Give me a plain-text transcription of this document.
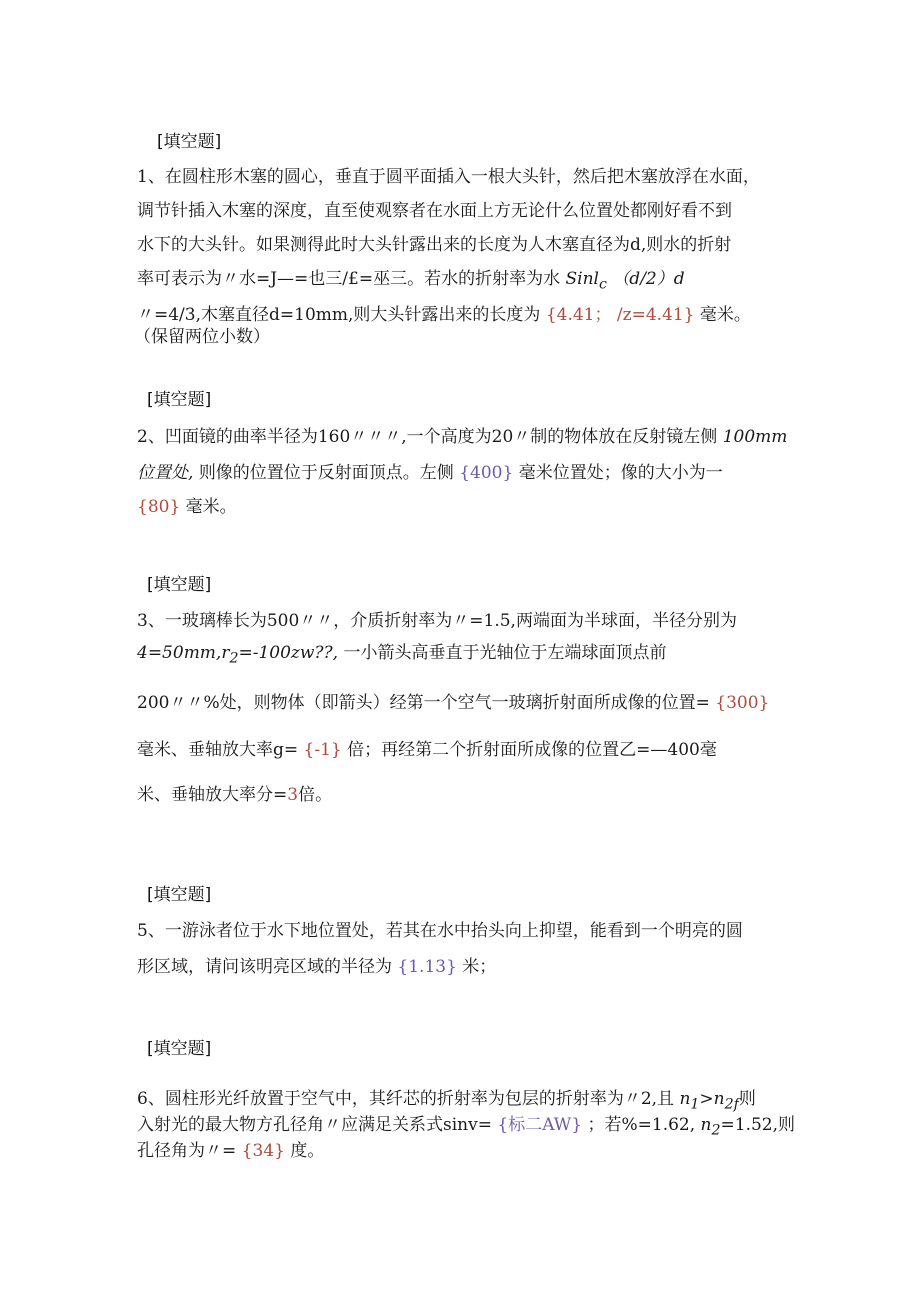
[填空题]
1、在圆柱形木塞的圆心，垂直于圆平面插入一根大头针，然后把木塞放浮在水面，
调节针插入木塞的深度，直至使观察者在水面上方无论什么位置处都刚好看不到
水下的大头针。如果测得此时大头针露出来的长度为人木塞直径为d,则水的折射
率可表示为〃水=J—=也三/£=巫三。若水的折射率为水 Sinl$_c$ （d/2）d
〃=4/3,木塞直径d=10mm,则大头针露出来的长度为 {4.41； /z=4.41} 毫米。
（保留两位小数）
[填空题]
2、凹面镜的曲率半径为160〃〃〃,一个高度为20〃制的物体放在反射镜左侧 100mm
位置处, 则像的位置位于反射面顶点。左侧 {400} 毫米位置处；像的大小为一
{80} 毫米。
[填空题]
3、一玻璃棒长为500〃〃，介质折射率为〃=1.5,两端面为半球面，半径分别为
$4=50mm,r_2=-100zw$??, 一小箭头高垂直于光轴位于左端球面顶点前
200〃〃%处，则物体（即箭头）经第一个空气一玻璃折射面所成像的位置= {300}
毫米、垂轴放大率g= {-1} 倍；再经第二个折射面所成像的位置乙=—400毫
米、垂轴放大率分=3倍。
[填空题]
5、一游泳者位于水下地位置处，若其在水中抬头向上抑望，能看到一个明亮的圆
形区域，请问该明亮区域的半径为 {1.13} 米；
[填空题]
6、圆柱形光纤放置于空气中，其纤芯的折射率为包层的折射率为〃2,且 $n_1>n_{2f}$则
入射光的最大物方孔径角〃应满足关系式sinv= {标二AW} ；若%=1.62, $n_2=1.52$,则
孔径角为〃= {34} 度。
